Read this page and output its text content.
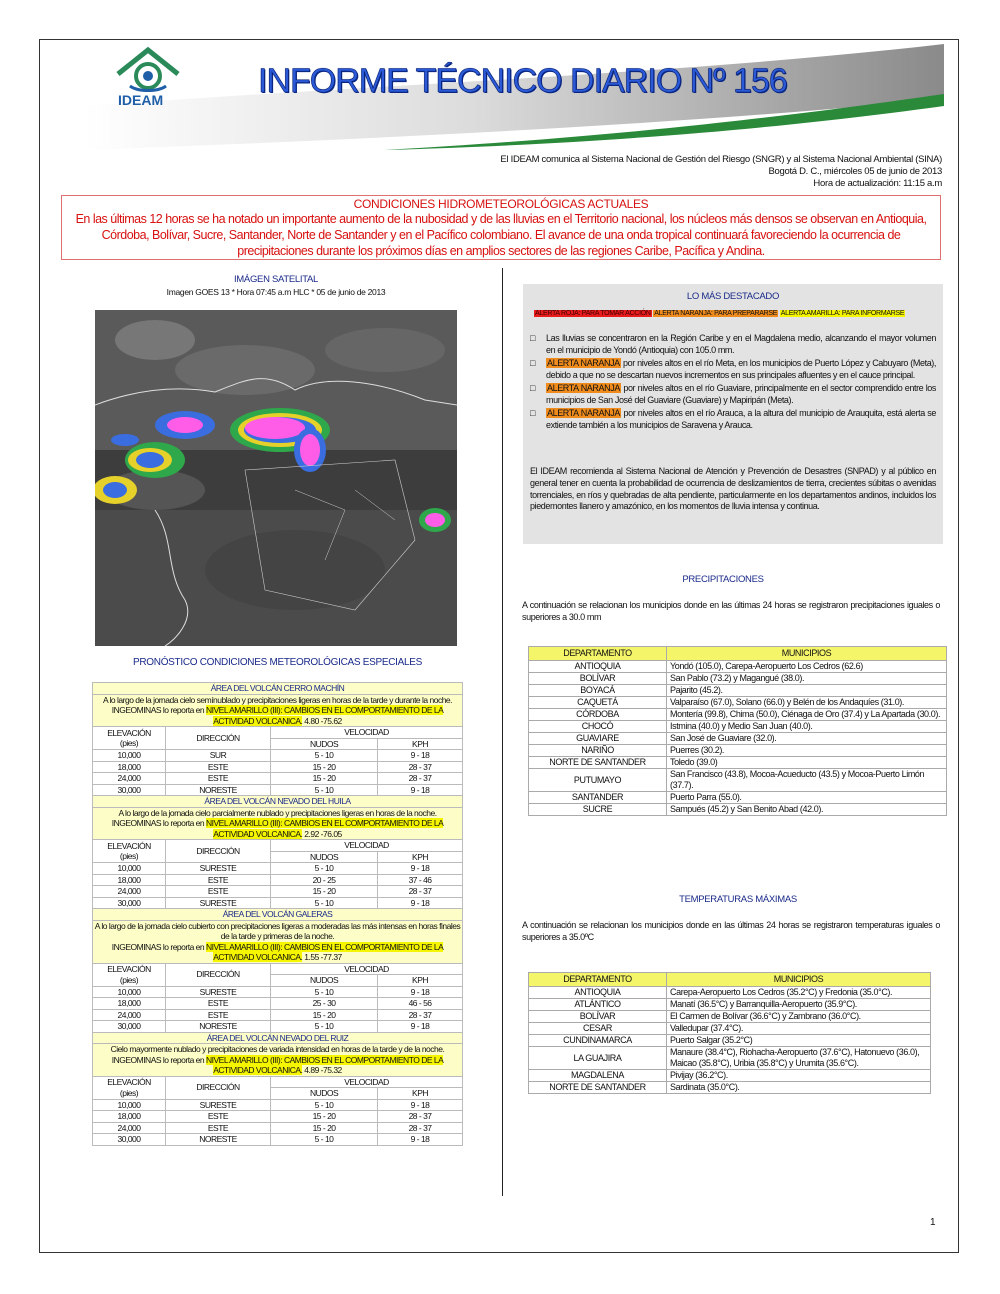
IDEAM	INFORME TÉCNICO DIARIO Nº 156
El IDEAM comunica al Sistema Nacional de Gestión del Riesgo (SNGR) y al Sistema Nacional Ambiental (SINA)
Bogotá D. C., miércoles 05 de junio de 2013
Hora de actualización: 11:15 a.m
CONDICIONES HIDROMETEOROLÓGICAS ACTUALES
En las últimas 12 horas se ha notado un importante aumento de la nubosidad y de las lluvias en el Territorio nacional, los núcleos más densos se observan en Antioquia, Córdoba, Bolívar, Sucre, Santander, Norte de Santander y en el Pacífico colombiano. El avance de una onda tropical continuará favoreciendo la ocurrencia de precipitaciones durante los próximos días en amplios sectores de las regiones Caribe, Pacífica y Andina.
IMÁGEN SATELITAL
Imagen GOES 13 * Hora 07:45 a.m HLC * 05 de junio de 2013	LO MÁS DESTACADO
ALERTA ROJA: PARA TOMAR ACCIÓN ALERTA NARANJA: PARA PREPARARSE ALERTA AMARILLA: PARA INFORMARSE
□	Las lluvias se concentraron en la Región Caribe y en el Magdalena medio, alcanzando el mayor volumen en el municipio de Yondó (Antioquia) con 105.0 mm.
□	ALERTA NARANJA por niveles altos en el río Meta, en los municipios de Puerto López y Cabuyaro (Meta), debido a que no se descartan nuevos incrementos en sus principales afluentes y en el cauce principal.
□	ALERTA NARANJA por niveles altos en el río Guaviare, principalmente en el sector comprendido entre los municipios de San José del Guaviare (Guaviare) y Mapiripán (Meta).
□	ALERTA NARANJA por niveles altos en el río Arauca, a la altura del municipio de Arauquita, está alerta se extiende también a los municipios de Saravena y Arauca.
El IDEAM recomienda al Sistema Nacional de Atención y Prevención de Desastres (SNPAD) y al público en general tener en cuenta la probabilidad de ocurrencia de deslizamientos de tierra, crecientes súbitas o avenidas torrenciales, en ríos y quebradas de alta pendiente, particularmente en los departamentos andinos, incluidos los piedemontes llanero y amazónico, en los momentos de lluvia intensa y continua.
PRECIPITACIONES
A continuación se relacionan los municipios donde en las últimas 24 horas se registraron precipitaciones iguales o superiores a 30.0 mm
DEPARTAMENTO	MUNICIPIOS
ANTIOQUIA	Yondó (105.0), Carepa-Aeropuerto Los Cedros (62.6)
BOLÍVAR	San Pablo (73.2) y Magangué (38.0).
BOYACÁ	Pajarito (45.2).
CAQUETÁ	Valparaíso (67.0), Solano (66.0) y Belén de los Andaquíes (31.0).
CÓRDOBA	Montería (99.8), Chima (50.0), Ciénaga de Oro (37.4) y La Apartada (30.0).
CHOCÓ	Istmina (40.0) y Medio San Juan (40.0).
GUAVIARE	San José de Guaviare (32.0).
NARIÑO	Puerres (30.2).
NORTE DE SANTANDER	Toledo (39.0)
PUTUMAYO	San Francisco (43.8), Mocoa-Acueducto (43.5) y Mocoa-Puerto Limón (37.7).
SANTANDER	Puerto Parra (55.0).
SUCRE	Sampués (45.2) y San Benito Abad (42.0).
TEMPERATURAS MÁXIMAS
A continuación se relacionan los municipios donde en las últimas 24 horas se registraron temperaturas iguales o superiores a 35.0ºC
DEPARTAMENTO	MUNICIPIOS
ANTIOQUIA	Carepa-Aeropuerto Los Cedros (35.2°C) y Fredonia (35.0°C).
ATLÁNTICO	Manatí (36.5°C) y Barranquilla-Aeropuerto (35.9°C).
BOLÍVAR	El Carmen de Bolívar (36.6°C) y Zambrano (36.0°C).
CESAR	Valledupar (37.4°C).
CUNDINAMARCA	Puerto Salgar (35.2°C)
LA GUAJIRA	Manaure (38.4°C), Riohacha-Aeropuerto (37.6°C), Hatonuevo (36.0), Maicao (35.8°C), Uribia (35.8°C) y Urumita (35.6°C).
MAGDALENA	Pivijay (36.2°C).
NORTE DE SANTANDER	Sardinata (35.0°C).
PRONÓSTICO CONDICIONES METEOROLÓGICAS ESPECIALES
ÁREA DEL VOLCÁN CERRO MACHÍN			
A lo largo de la jornada cielo semínublado y precipitaciones ligeras en horas de la tarde y durante la noche.
INGEOMINAS lo reporta en NIVEL AMARILLO (III): CAMBIOS EN EL COMPORTAMIENTO DE LA ACTIVIDAD VOLCANICA. 4.80 -75.62			
ELEVACIÓN
(pies)	DIRECCIÓN	VELOCIDAD	
		NUDOS	KPH
10,000	SUR	5 - 10	9 - 18
18,000	ESTE	15 - 20	28 - 37
24,000	ESTE	15 - 20	28 - 37
30,000	NORESTE	5 - 10	9 - 18
ÁREA DEL VOLCÁN NEVADO DEL HUILA			
A lo largo de la jornada cielo parcialmente nublado y precipitaciones ligeras en horas de la noche.
INGEOMINAS lo reporta en NIVEL AMARILLO (III): CAMBIOS EN EL COMPORTAMIENTO DE LA ACTIVIDAD VOLCANICA. 2.92 -76.05			
ELEVACIÓN
(pies)	DIRECCIÓN	VELOCIDAD	
		NUDOS	KPH
10,000	SURESTE	5 - 10	9 - 18
18,000	ESTE	20 - 25	37 - 46
24,000	ESTE	15 - 20	28 - 37
30,000	SURESTE	5 - 10	9 - 18
ÁREA DEL VOLCÁN GALERAS			
A lo largo de la jornada cielo cubierto con precipitaciones ligeras a moderadas las más intensas en horas finales de la tarde y primeras de la noche.
INGEOMINAS lo reporta en NIVEL AMARILLO (III): CAMBIOS EN EL COMPORTAMIENTO DE LA ACTIVIDAD VOLCANICA. 1.55 -77.37			
ELEVACIÓN
(pies)	DIRECCIÓN	VELOCIDAD	
		NUDOS	KPH
10,000	SURESTE	5 - 10	9 - 18
18,000	ESTE	25 - 30	46 - 56
24,000	ESTE	15 - 20	28 - 37
30,000	NORESTE	5 - 10	9 - 18
ÁREA DEL VOLCÁN NEVADO DEL RUIZ			
Cielo mayormente nublado y precipitaciones de variada intensidad en horas de la tarde y de la noche.
INGEOMINAS lo reporta en NIVEL AMARILLO (III): CAMBIOS EN EL COMPORTAMIENTO DE LA ACTIVIDAD VOLCANICA. 4.89 -75.32			
ELEVACIÓN
(pies)	DIRECCIÓN	VELOCIDAD	
		NUDOS	KPH
10,000	SURESTE	5 - 10	9 - 18
18,000	ESTE	15 - 20	28 - 37
24,000	ESTE	15 - 20	28 - 37
30,000	NORESTE	5 - 10	9 - 18
1
